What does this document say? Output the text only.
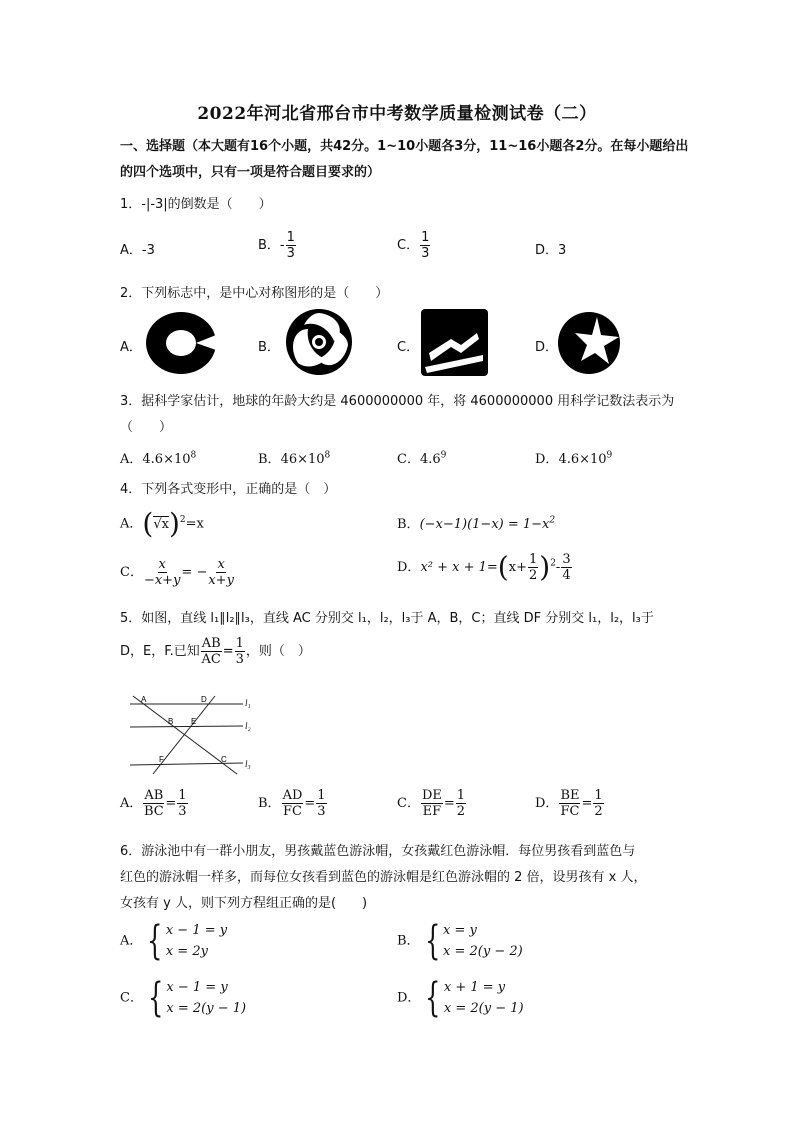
2022年河北省邢台市中考数学质量检测试卷（二）
一、选择题（本大题有16个小题，共42分。1~10小题各3分，11~16小题各2分。在每小题给出的四个选项中，只有一项是符合题目要求的）
1．-|-3|的倒数是（　　）
A．-3	B．- $\frac{1}{3}$	C． $\frac{1}{3}$	D．3
2．下列标志中，是中心对称图形的是（　　）
A．	B．	C．	D．
3．据科学家估计，地球的年龄大约是 4600000000 年，将 4600000000 用科学记数法表示为
（　　）
A．$4.6\times 10^8$	B．$46\times 10^8$	C．$4.6^9$	D．$4.6\times 10^9$
4．下列各式变形中，正确的是（　）
A．$(√x)^2=x$	B．$(-x-1)(1-x) = 1-x^2$
C． $\frac{x}{-x+y}$ = − $\frac{x}{x+y}$	D．$x^2 + x + 1=(x+ \frac{1}{2} )^2- \frac{3}{4}$
5．如图，直线 l₁∥l₂∥l₃，直线 AC 分别交 l₁，l₂，l₃于 A，B，C；直线 DF 分别交 l₁，l₂，l₃于
D，E，F.已知 $\frac{AB}{AC} = \frac{1}{3}$ ，则（　）
A	D
B E
F	C
l₁
l₂
l₃
A． $\frac{AB}{BC} = \frac{1}{3}$	B． $\frac{AD}{FC} = \frac{1}{3}$	C． $\frac{DE}{EF} = \frac{1}{2}$	D． $\frac{BE}{FC} = \frac{1}{2}$
6．游泳池中有一群小朋友，男孩戴蓝色游泳帽，女孩戴红色游泳帽．每位男孩看到蓝色与
红色的游泳帽一样多，而每位女孩看到蓝色的游泳帽是红色游泳帽的 2 倍，设男孩有 x 人，
女孩有 y 人，则下列方程组正确的是(　　)
A． { x − 1 = y
x = 2y
B． { x = y
x = 2(y − 2)
C． { x − 1 = y
x = 2(y − 1)
D． { x + 1 = y
x = 2(y − 1)
